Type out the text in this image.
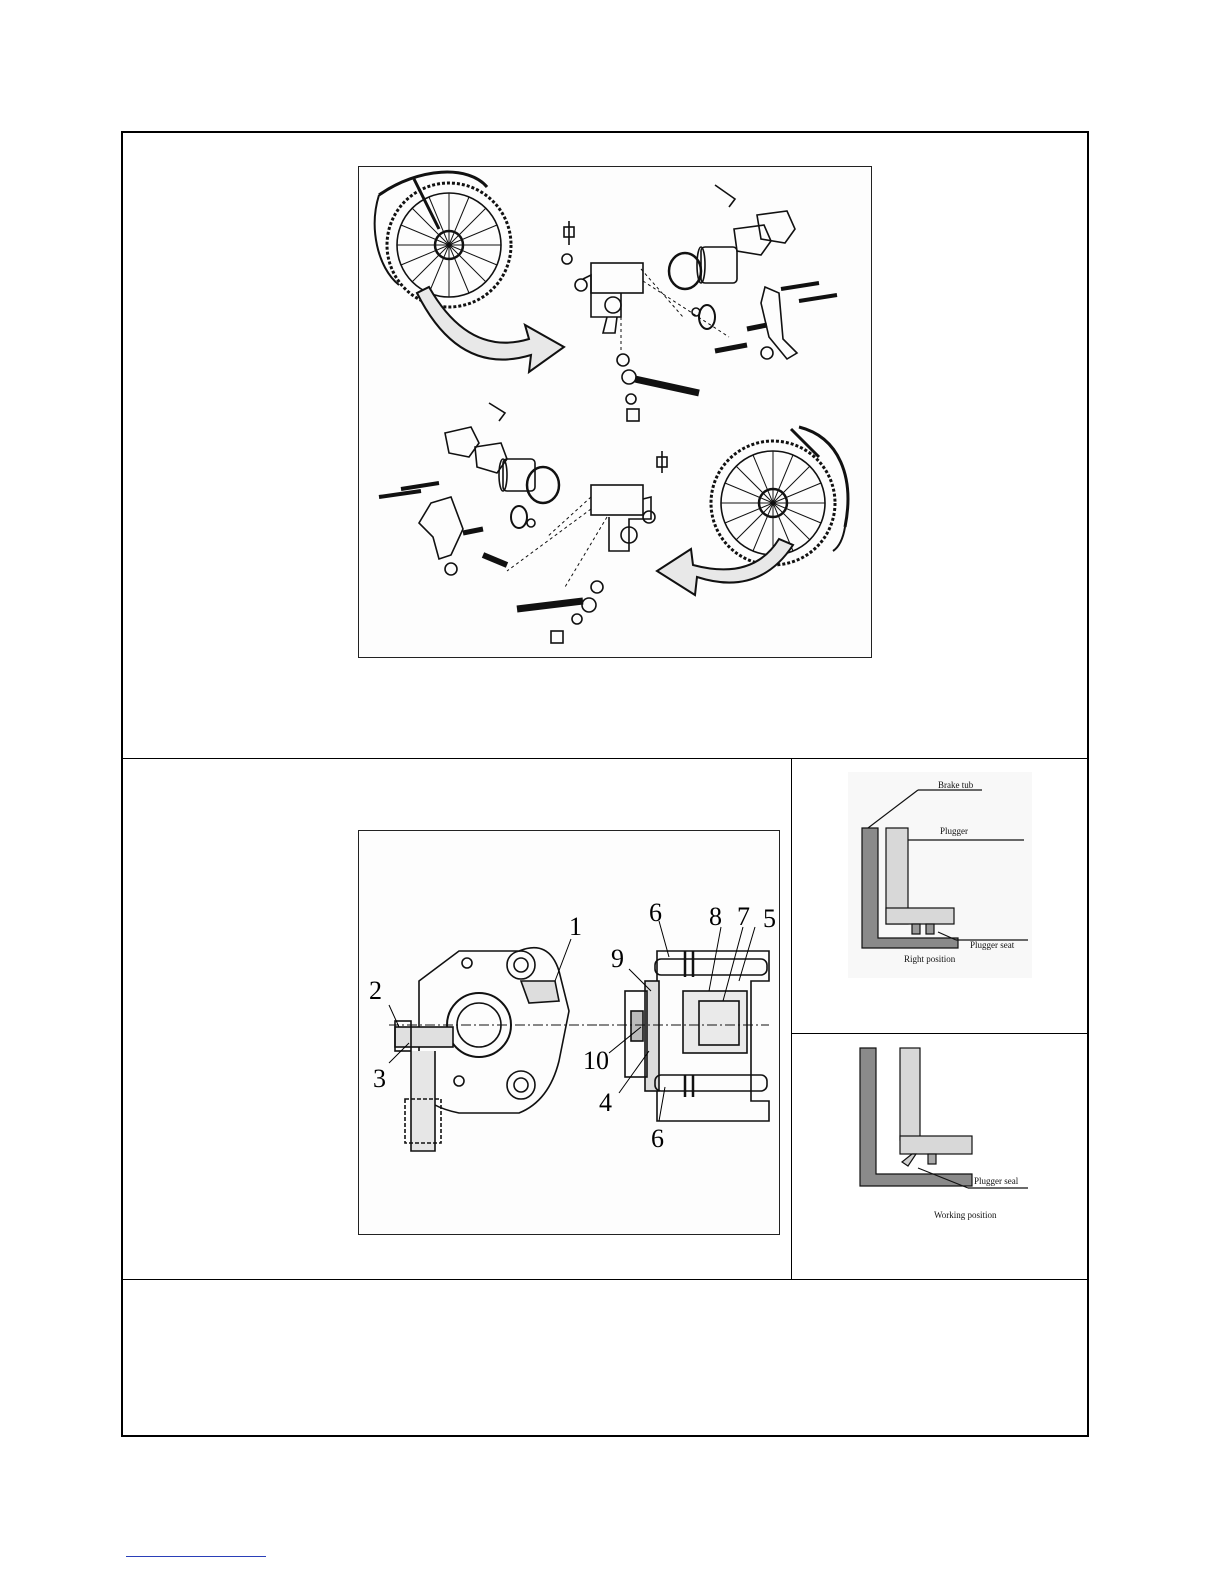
1
2
3
4
5
6
6
7
8
9
10
Brake tub
Plugger
Plugger seat
Right position
Plugger seal
Working position
